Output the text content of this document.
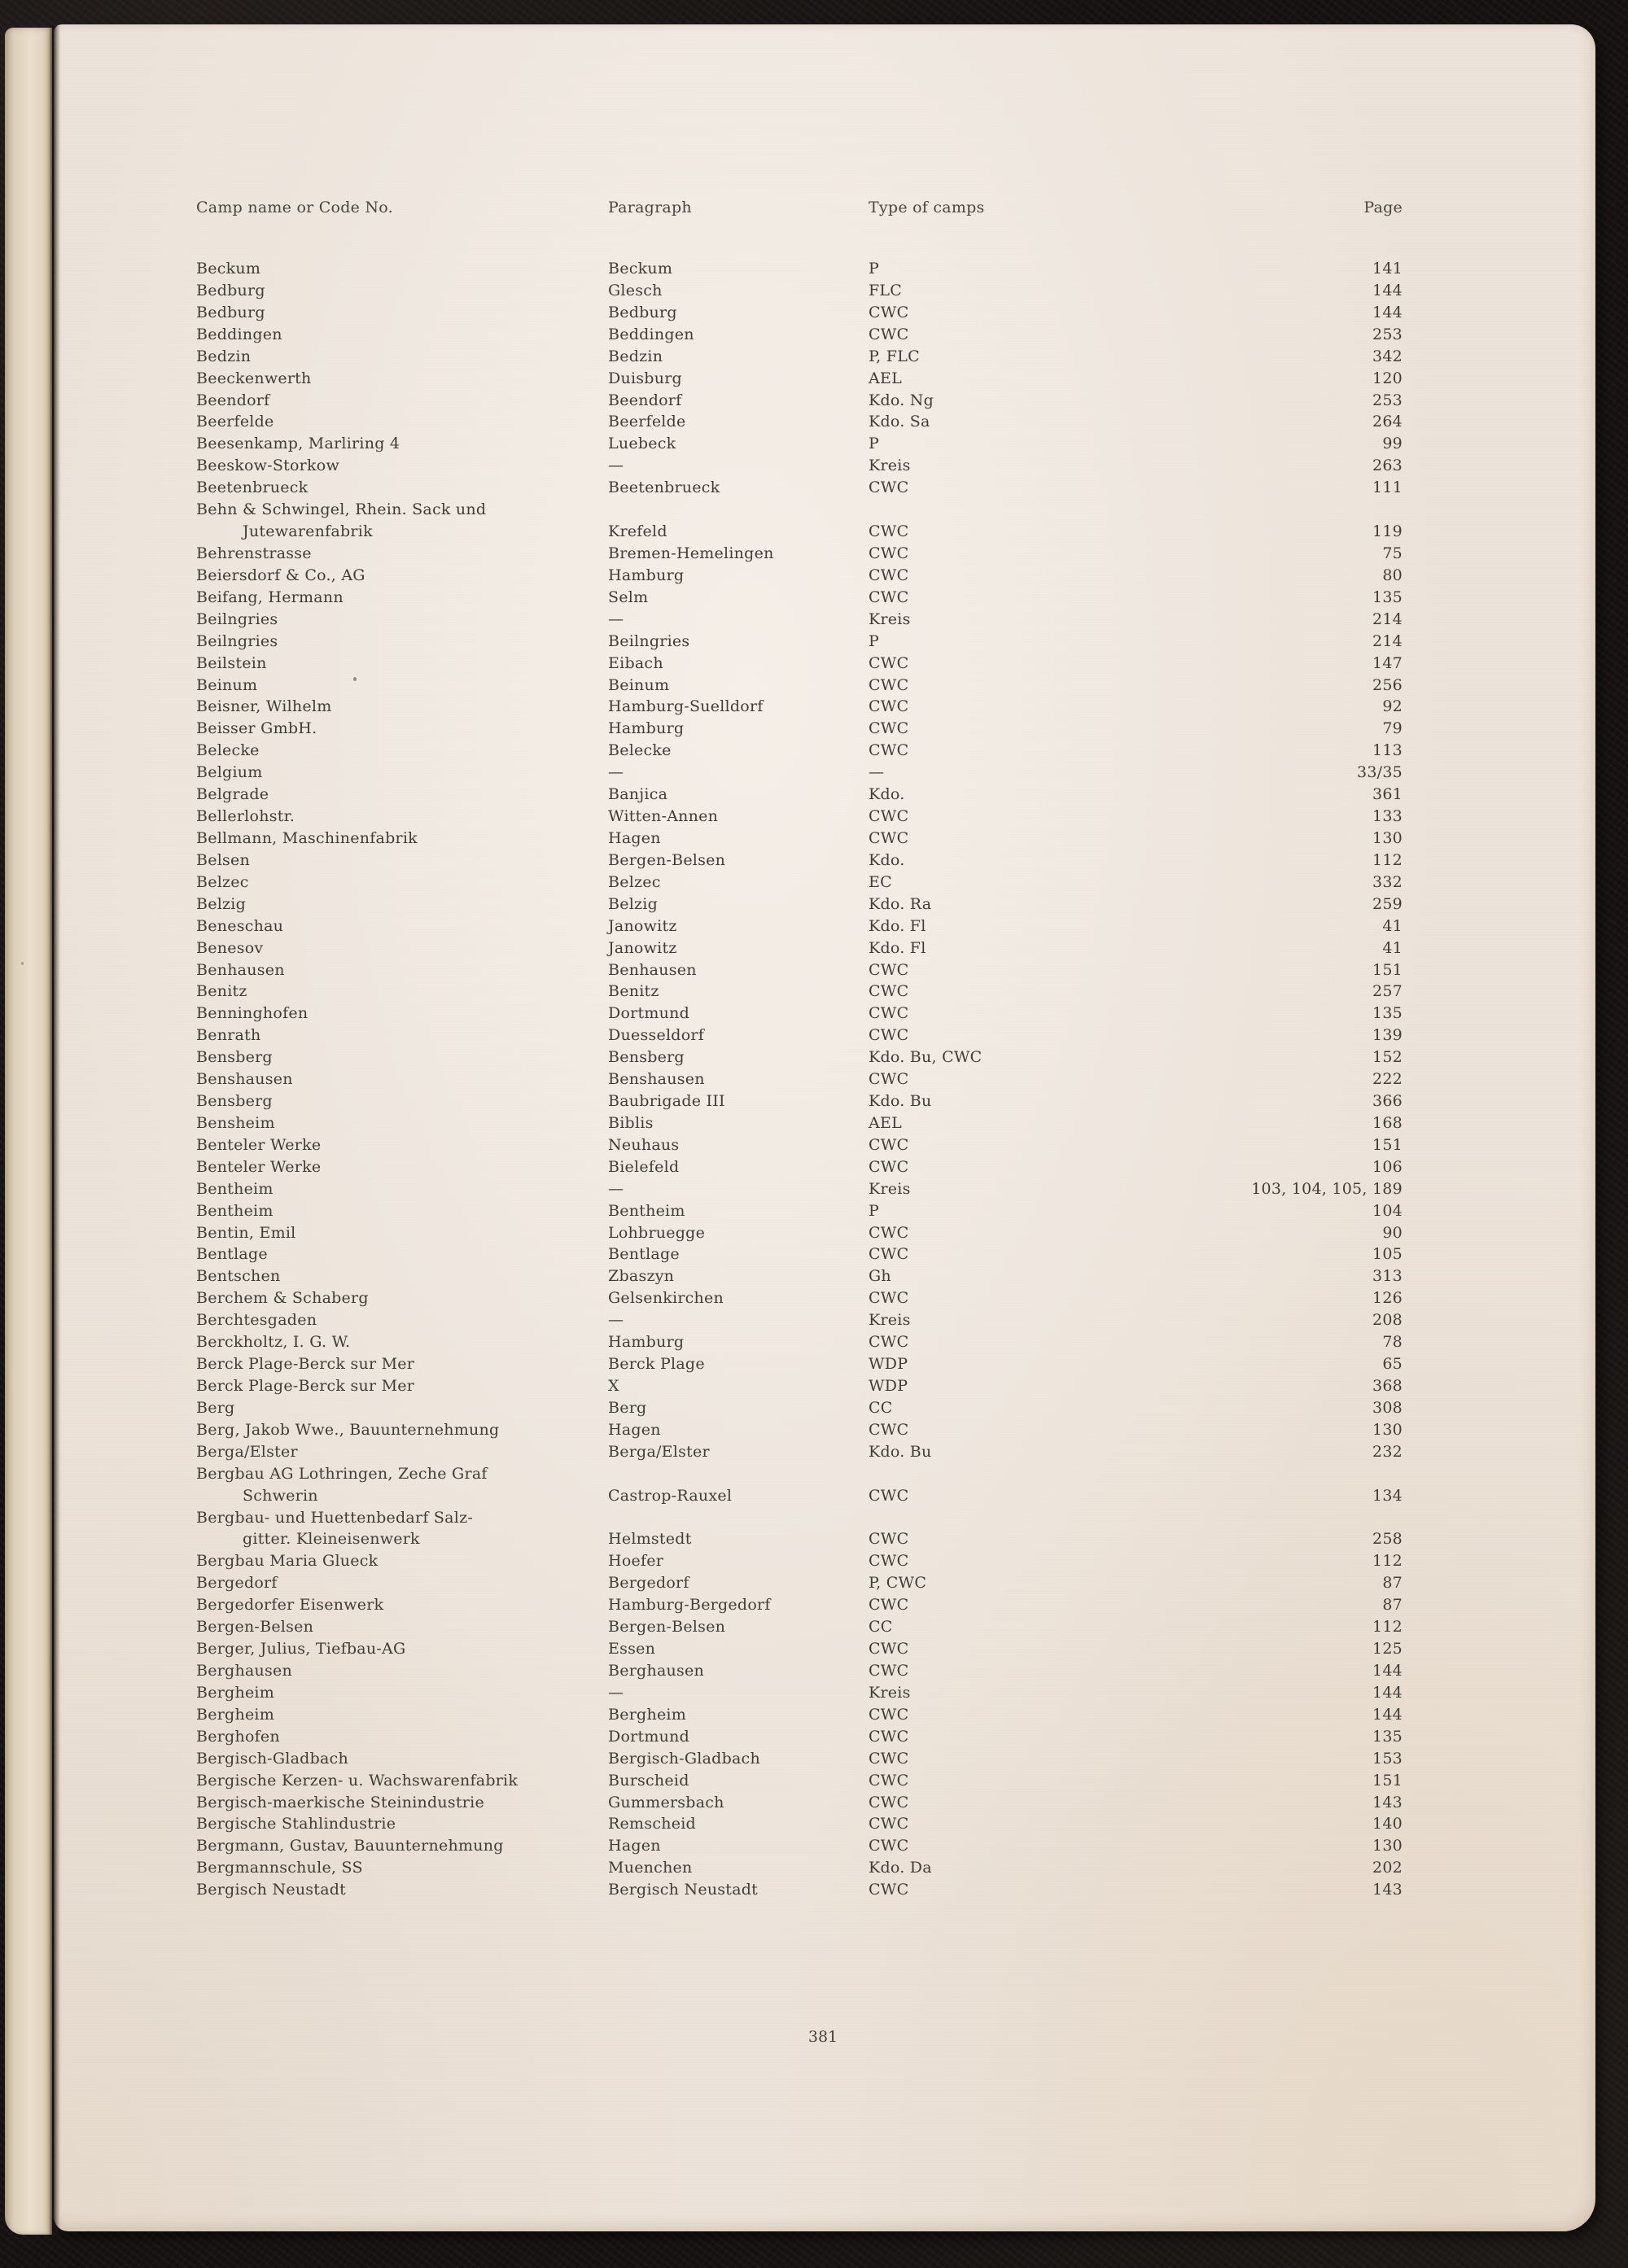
Camp name or Code No.	Paragraph	Type of camps	Page
Beckum	Beckum	P	141
Bedburg	Glesch	FLC	144
Bedburg	Bedburg	CWC	144
Beddingen	Beddingen	CWC	253
Bedzin	Bedzin	P, FLC	342
Beeckenwerth	Duisburg	AEL	120
Beendorf	Beendorf	Kdo. Ng	253
Beerfelde	Beerfelde	Kdo. Sa	264
Beesenkamp, Marliring 4	Luebeck	P	99
Beeskow-Storkow	—	Kreis	263
Beetenbrueck	Beetenbrueck	CWC	111
Behn & Schwingel, Rhein. Sack und
Jutewarenfabrik	Krefeld	CWC	119
Behrenstrasse	Bremen-Hemelingen	CWC	75
Beiersdorf & Co., AG	Hamburg	CWC	80
Beifang, Hermann	Selm	CWC	135
Beilngries	—	Kreis	214
Beilngries	Beilngries	P	214
Beilstein	Eibach	CWC	147
Beinum	Beinum	CWC	256
Beisner, Wilhelm	Hamburg-Suelldorf	CWC	92
Beisser GmbH.	Hamburg	CWC	79
Belecke	Belecke	CWC	113
Belgium	—	—	33/35
Belgrade	Banjica	Kdo.	361
Bellerlohstr.	Witten-Annen	CWC	133
Bellmann, Maschinenfabrik	Hagen	CWC	130
Belsen	Bergen-Belsen	Kdo.	112
Belzec	Belzec	EC	332
Belzig	Belzig	Kdo. Ra	259
Beneschau	Janowitz	Kdo. Fl	41
Benesov	Janowitz	Kdo. Fl	41
Benhausen	Benhausen	CWC	151
Benitz	Benitz	CWC	257
Benninghofen	Dortmund	CWC	135
Benrath	Duesseldorf	CWC	139
Bensberg	Bensberg	Kdo. Bu, CWC	152
Benshausen	Benshausen	CWC	222
Bensberg	Baubrigade III	Kdo. Bu	366
Bensheim	Biblis	AEL	168
Benteler Werke	Neuhaus	CWC	151
Benteler Werke	Bielefeld	CWC	106
Bentheim	—	Kreis	103, 104, 105, 189
Bentheim	Bentheim	P	104
Bentin, Emil	Lohbruegge	CWC	90
Bentlage	Bentlage	CWC	105
Bentschen	Zbaszyn	Gh	313
Berchem & Schaberg	Gelsenkirchen	CWC	126
Berchtesgaden	—	Kreis	208
Berckholtz, I. G. W.	Hamburg	CWC	78
Berck Plage-Berck sur Mer	Berck Plage	WDP	65
Berck Plage-Berck sur Mer	X	WDP	368
Berg	Berg	CC	308
Berg, Jakob Wwe., Bauunternehmung	Hagen	CWC	130
Berga/Elster	Berga/Elster	Kdo. Bu	232
Bergbau AG Lothringen, Zeche Graf
Schwerin	Castrop-Rauxel	CWC	134
Bergbau- und Huettenbedarf Salz-
gitter. Kleineisenwerk	Helmstedt	CWC	258
Bergbau Maria Glueck	Hoefer	CWC	112
Bergedorf	Bergedorf	P, CWC	87
Bergedorfer Eisenwerk	Hamburg-Bergedorf	CWC	87
Bergen-Belsen	Bergen-Belsen	CC	112
Berger, Julius, Tiefbau-AG	Essen	CWC	125
Berghausen	Berghausen	CWC	144
Bergheim	—	Kreis	144
Bergheim	Bergheim	CWC	144
Berghofen	Dortmund	CWC	135
Bergisch-Gladbach	Bergisch-Gladbach	CWC	153
Bergische Kerzen- u. Wachswarenfabrik	Burscheid	CWC	151
Bergisch-maerkische Steinindustrie	Gummersbach	CWC	143
Bergische Stahlindustrie	Remscheid	CWC	140
Bergmann, Gustav, Bauunternehmung	Hagen	CWC	130
Bergmannschule, SS	Muenchen	Kdo. Da	202
Bergisch Neustadt	Bergisch Neustadt	CWC	143
381
